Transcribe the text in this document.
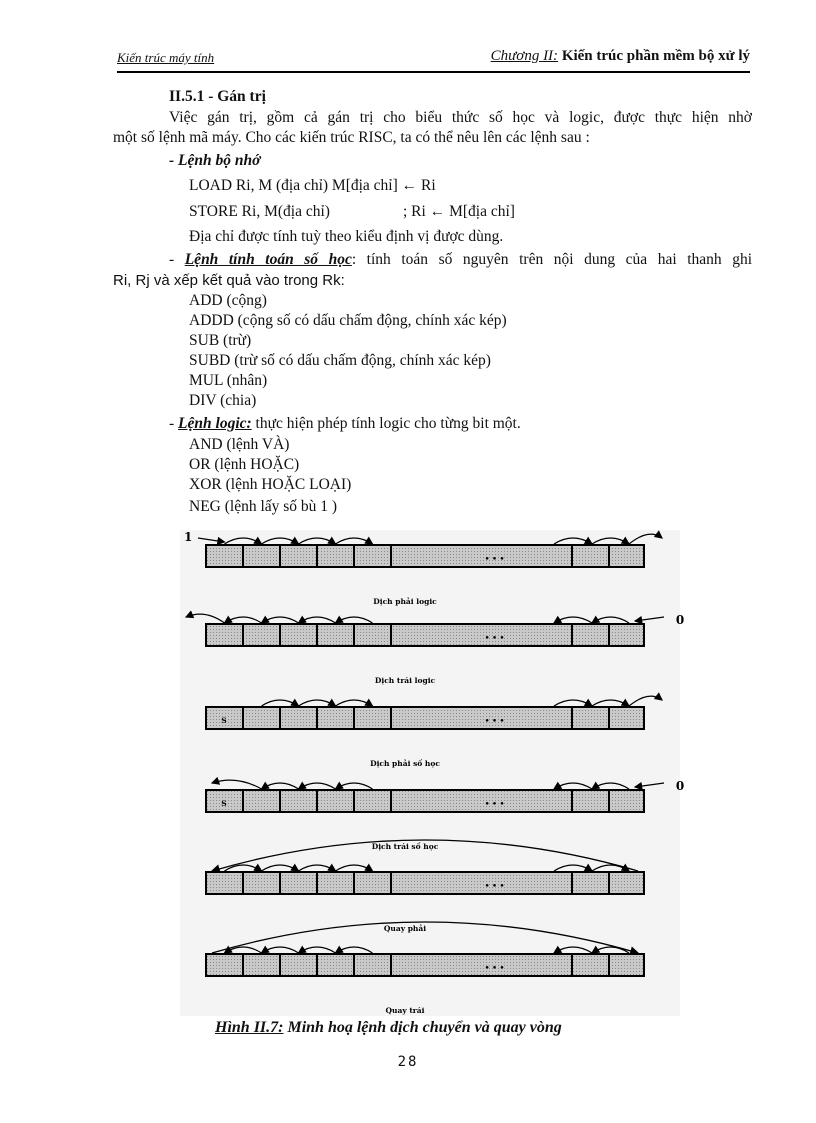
Kiến trúc máy tính	Chương II: Kiến trúc phần mềm bộ xử lý
II.5.1 - Gán trị
Việc gán trị, gồm cả gán trị cho biểu thức số học và logic, được thực hiện nhờ
một số lệnh mã máy. Cho các kiến trúc RISC, ta có thể nêu lên các lệnh sau :
- Lệnh bộ nhớ
LOAD Ri, M (địa chỉ) M[địa chỉ] ← Ri
STORE Ri, M(địa chỉ)	; Ri ← M[địa chỉ]
Địa chỉ được tính tuỳ theo kiểu định vị được dùng.
- Lệnh tính toán số học: tính toán số nguyên trên nội dung của hai thanh ghi
Ri, Rj và xếp kết quả vào trong Rk:
ADD (cộng)
ADDD (cộng số có dấu chấm động, chính xác kép)
SUB (trừ)
SUBD (trừ số có dấu chấm động, chính xác kép)
MUL (nhân)
DIV (chia)
- Lệnh logic: thực hiện phép tính logic cho từng bit một.
AND (lệnh VÀ)
OR (lệnh HOẶC)
XOR (lệnh HOẶC LOẠI)
NEG (lệnh lấy số bù 1 )
• • •
1
Dịch phải logic
• • •
0
Dịch trái logic
• • •
S
Dịch phải số học
• • •
S
0
Dịch trái số học
• • •
Quay phải
• • •
Quay trái
Hình II.7: Minh hoạ lệnh dịch chuyển và quay vòng
28
